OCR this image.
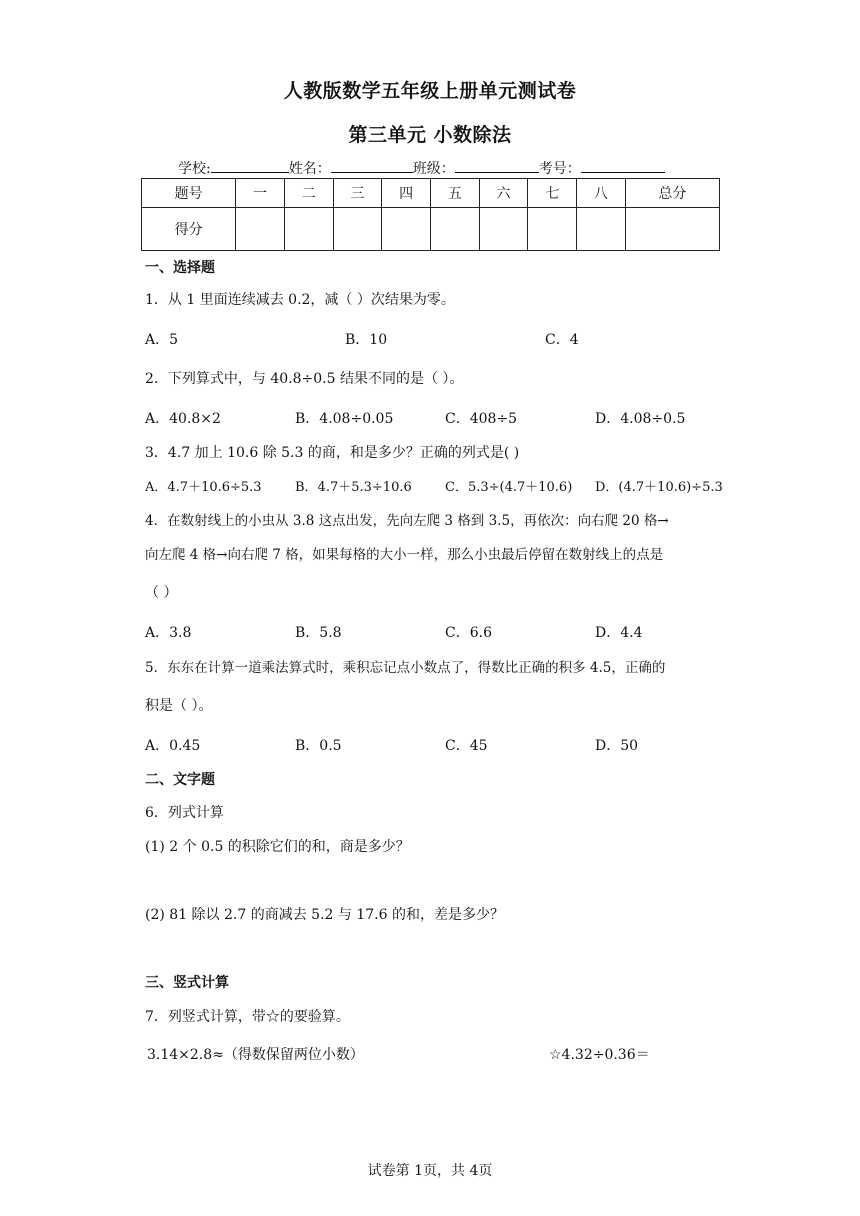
人教版数学五年级上册单元测试卷
第三单元 小数除法
学校:	姓名：	班级：	考号：
题号	一	二	三	四	五	六	七	八	总分
得分									
一、选择题
1．从 1 里面连续减去 0.2，减（ ）次结果为零。
A．5	B．10	C．4
2．下列算式中，与 40.8÷0.5 结果不同的是（ ）。
A．40.8×2	B．4.08÷0.05	C．408÷5	D．4.08÷0.5
3．4.7 加上 10.6 除 5.3 的商，和是多少？正确的列式是( )
A．4.7＋10.6÷5.3	B．4.7＋5.3÷10.6	C．5.3÷(4.7＋10.6) D．(4.7＋10.6)÷5.3
4．在数射线上的小虫从 3.8 这点出发，先向左爬 3 格到 3.5，再依次：向右爬 20 格→
向左爬 4 格→向右爬 7 格，如果每格的大小一样，那么小虫最后停留在数射线上的点是
（ ）
A．3.8	B．5.8	C．6.6	D．4.4
5．东东在计算一道乘法算式时，乘积忘记点小数点了，得数比正确的积多 4.5，正确的
积是（ ）。
A．0.45	B．0.5	C．45	D．50
二、文字题
6．列式计算
(1) 2 个 0.5 的积除它们的和，商是多少？
(2) 81 除以 2.7 的商减去 5.2 与 17.6 的和，差是多少？
三、竖式计算
7．列竖式计算，带☆的要验算。
3.14×2.8≈（得数保留两位小数）	☆4.32÷0.36＝
试卷第 1页，共 4页
